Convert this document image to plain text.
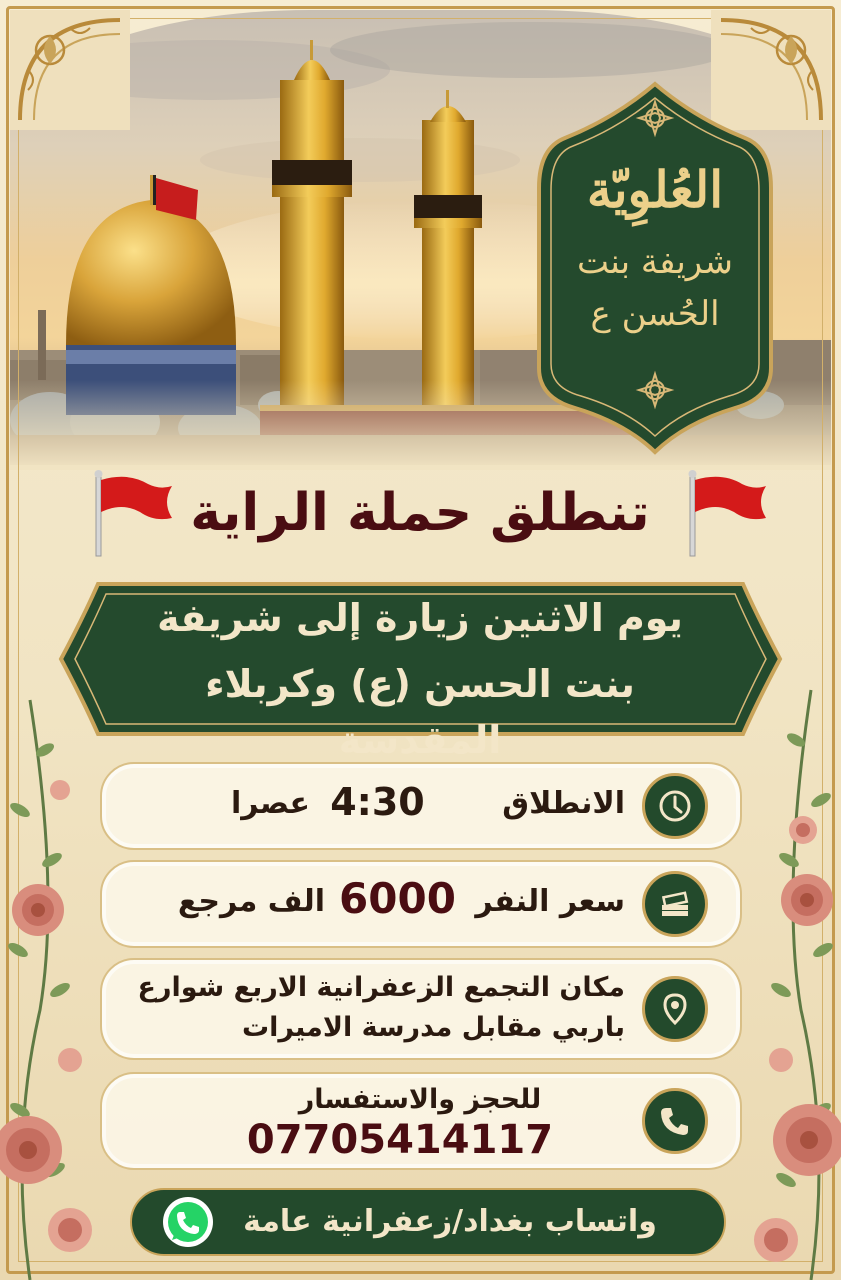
العُلوِيّة
شريفة بنت
الحُسن ع
تنطلق حملة الراية
يوم الاثنين زيارة إلى شريفة
بنت الحسن (ع) وكربلاء المقدسة
الانطلاق
4:30
عصرا
سعر النفر
6000
الف مرجع
مكان التجمع الزعفرانية الاربع شوارع
باربي مقابل مدرسة الاميرات
للحجز والاستفسار
07705414117
واتساب بغداد/زعفرانية عامة
